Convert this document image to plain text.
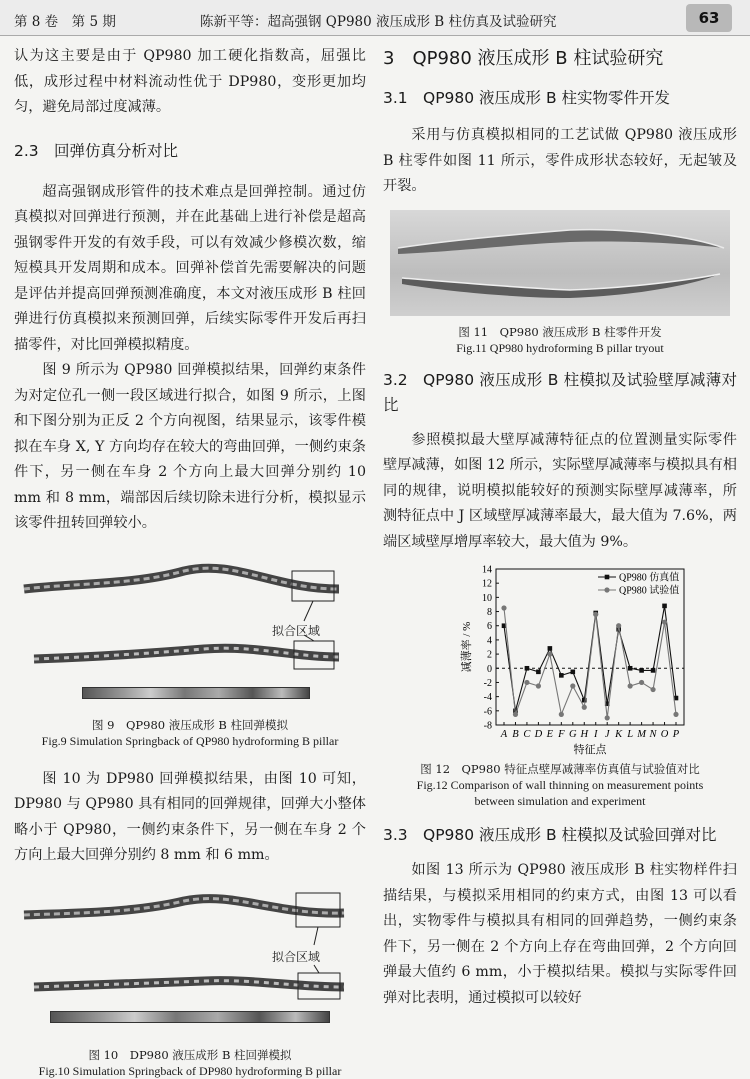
第 8 卷　第 5 期	陈新平等：超高强钢 QP980 液压成形 B 柱仿真及试验研究	63

认为这主要是由于 QP980 加工硬化指数高，屈强比低，成形过程中材料流动性优于 DP980，变形更加均匀，避免局部过度减薄。

2.3 回弹仿真分析对比

超高强钢成形管件的技术难点是回弹控制。通过仿真模拟对回弹进行预测，并在此基础上进行补偿是超高强钢零件开发的有效手段，可以有效减少修模次数，缩短模具开发周期和成本。回弹补偿首先需要解决的问题是评估并提高回弹预测准确度，本文对液压成形 B 柱回弹进行仿真模拟来预测回弹，后续实际零件开发后再扫描零件，对比回弹模拟精度。

图 9 所示为 QP980 回弹模拟结果，回弹约束条件为对定位孔一侧一段区域进行拟合，如图 9 所示，上图和下图分别为正反 2 个方向视图，结果显示，该零件模拟在车身 X, Y 方向均存在较大的弯曲回弹，一侧约束条件下，另一侧在车身 2 个方向上最大回弹分别约 10 mm 和 8 mm，端部因后续切除未进行分析，模拟显示该零件扭转回弹较小。

拟合区域
图 9　QP980 液压成形 B 柱回弹模拟
Fig.9 Simulation Springback of QP980 hydroforming B pillar

图 10 为 DP980 回弹模拟结果，由图 10 可知，DP980 与 QP980 具有相同的回弹规律，回弹大小整体略小于 QP980，一侧约束条件下，另一侧在车身 2 个方向上最大回弹分别约 8 mm 和 6 mm。

拟合区域
图 10　DP980 液压成形 B 柱回弹模拟
Fig.10 Simulation Springback of DP980 hydroforming B pillar
3　QP980 液压成形 B 柱试验研究
3.1 QP980 液压成形 B 柱实物零件开发

采用与仿真模拟相同的工艺试做 QP980 液压成形 B 柱零件如图 11 所示，零件成形状态较好，无起皱及开裂。

图 11　QP980 液压成形 B 柱零件开发
Fig.11 QP980 hydroforming B pillar tryout
3.2 QP980 液压成形 B 柱模拟及试验壁厚减薄对比

参照模拟最大壁厚减薄特征点的位置测量实际零件壁厚减薄，如图 12 所示，实际壁厚减薄率与模拟具有相同的规律，说明模拟能较好的预测实际壁厚减薄率，所测特征点中 J 区域壁厚减薄率最大，最大值为 7.6%，两端区域壁厚增厚率较大，最大值为 9%。

-8
-6
-4
-2
0
2
4
6
8
10
12
14
A B C D E F G H I J K L M N O P
特征点
减薄率 / %
QP980 仿真值
QP980 试验值
图 12　QP980 特征点壁厚减薄率仿真值与试验值对比
Fig.12 Comparison of wall thinning on measurement points
between simulation and experiment
3.3 QP980 液压成形 B 柱模拟及试验回弹对比

如图 13 所示为 QP980 液压成形 B 柱实物样件扫描结果，与模拟采用相同的约束方式，由图 13 可以看出，实物零件与模拟具有相同的回弹趋势，一侧约束条件下，另一侧在 2 个方向上存在弯曲回弹，2 个方向回弹最大值约 6 mm，小于模拟结果。模拟与实际零件回弹对比表明，通过模拟可以较好
